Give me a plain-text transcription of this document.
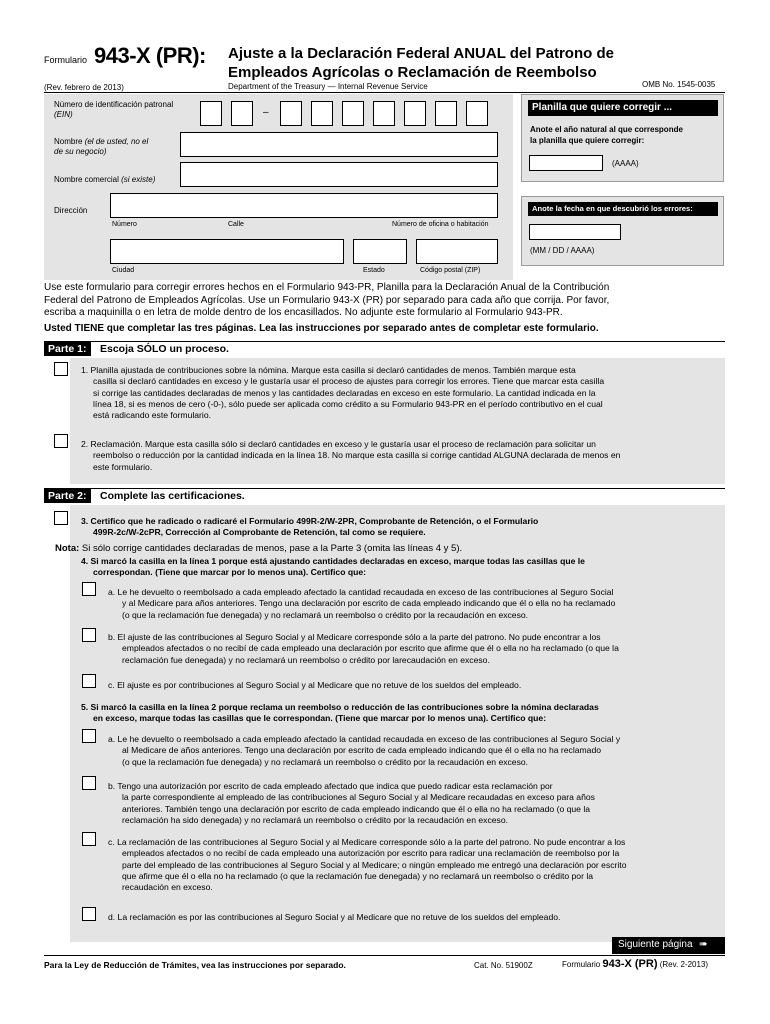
Formulario 943-X (PR): Ajuste a la Declaración Federal ANUAL del Patrono de
Empleados Agrícolas o Reclamación de Reembolso
(Rev. febrero de 2013)	Department of the Treasury — Internal Revenue Service	OMB No. 1545-0035
Número de identificación patronal
(EIN)	–
Nombre (el de usted, no el
de su negocio)
Nombre comercial (si existe)
Dirección
Número	Calle	Número de oficina o habitación
Ciudad	Estado	Código postal (ZIP)
Planilla que quiere corregir ...
Anote el año natural al que corresponde
la planilla que quiere corregir:
(AAAA)
Anote la fecha en que descubrió los errores:
(MM / DD / AAAA)
Use este formulario para corregir errores hechos en el Formulario 943-PR, Planilla para la Declaración Anual de la Contribución
Federal del Patrono de Empleados Agrícolas. Use un Formulario 943-X (PR) por separado para cada año que corrija. Por favor,
escriba a maquinilla o en letra de molde dentro de los encasillados. No adjunte este formulario al Formulario 943-PR.
Usted TIENE que completar las tres páginas. Lea las instrucciones por separado antes de completar este formulario.
Parte 1:	Escoja SÓLO un proceso.
1. Planilla ajustada de contribuciones sobre la nómina. Marque esta casilla si declaró cantidades de menos. También marque esta
casilla si declaró cantidades en exceso y le gustaría usar el proceso de ajustes para corregir los errores. Tiene que marcar esta casilla
si corrige las cantidades declaradas de menos y las cantidades declaradas en exceso en este formulario. La cantidad indicada en la
línea 18, si es menos de cero (-0-), sólo puede ser aplicada como crédito a su Formulario 943-PR en el período contributivo en el cual
está radicando este formulario.
2. Reclamación. Marque esta casilla sólo si declaró cantidades en exceso y le gustaría usar el proceso de reclamación para solicitar un
reembolso o reducción por la cantidad indicada en la línea 18. No marque esta casilla si corrige cantidad ALGUNA declarada de menos en
este formulario.
Parte 2:	Complete las certificaciones.
3. Certifico que he radicado o radicaré el Formulario 499R-2/W-2PR, Comprobante de Retención, o el Formulario
499R-2c/W-2cPR, Corrección al Comprobante de Retención, tal como se requiere.
Nota: Si sólo corrige cantidades declaradas de menos, pase a la Parte 3 (omita las líneas 4 y 5).
4. Si marcó la casilla en la línea 1 porque está ajustando cantidades declaradas en exceso, marque todas las casillas que le
correspondan. (Tiene que marcar por lo menos una). Certifico que:
a. Le he devuelto o reembolsado a cada empleado afectado la cantidad recaudada en exceso de las contribuciones al Seguro Social
y al Medicare para años anteriores. Tengo una declaración por escrito de cada empleado indicando que él o ella no ha reclamado
(o que la reclamación fue denegada) y no reclamará un reembolso o crédito por la recaudación en exceso.
b. El ajuste de las contribuciones al Seguro Social y al Medicare corresponde sólo a la parte del patrono. No pude encontrar a los
empleados afectados o no recibí de cada empleado una declaración por escrito que afirme que él o ella no ha reclamado (o que la
reclamación fue denegada) y no reclamará un reembolso o crédito por larecaudación en exceso.
c. El ajuste es por contribuciones al Seguro Social y al Medicare que no retuve de los sueldos del empleado.
5. Si marcó la casilla en la línea 2 porque reclama un reembolso o reducción de las contribuciones sobre la nómina declaradas
en exceso, marque todas las casillas que le correspondan. (Tiene que marcar por lo menos una). Certifico que:
a. Le he devuelto o reembolsado a cada empleado afectado la cantidad recaudada en exceso de las contribuciones al Seguro Social y
al Medicare de años anteriores. Tengo una declaración por escrito de cada empleado indicando que él o ella no ha reclamado
(o que la reclamación fue denegada) y no reclamará un reembolso o crédito por la recaudación en exceso.
b. Tengo una autorización por escrito de cada empleado afectado que indica que puedo radicar esta reclamación por
la parte correspondiente al empleado de las contribuciones al Seguro Social y al Medicare recaudadas en exceso para años
anteriores. También tengo una declaración por escrito de cada empleado indicando que él o ella no ha reclamado (o que la
reclamación ha sido denegada) y no reclamará un reembolso o crédito por la recaudación en exceso.
c. La reclamación de las contribuciones al Seguro Social y al Medicare corresponde sólo a la parte del patrono. No pude encontrar a los
empleados afectados o no recibí de cada empleado una autorización por escrito para radicar una reclamación de reembolso por la
parte del empleado de las contribuciones al Seguro Social y al Medicare; o ningún empleado me entregó una declaración por escrito
que afirme que él o ella no ha reclamado (o que la reclamación fue denegada) y no reclamará un reembolso o crédito por la
recaudación en exceso.
d. La reclamación es por las contribuciones al Seguro Social y al Medicare que no retuve de los sueldos del empleado.
Siguiente página ➠
Para la Ley de Reducción de Trámites, vea las instrucciones por separado.	Cat. No. 51900Z	Formulario 943-X (PR) (Rev. 2-2013)
